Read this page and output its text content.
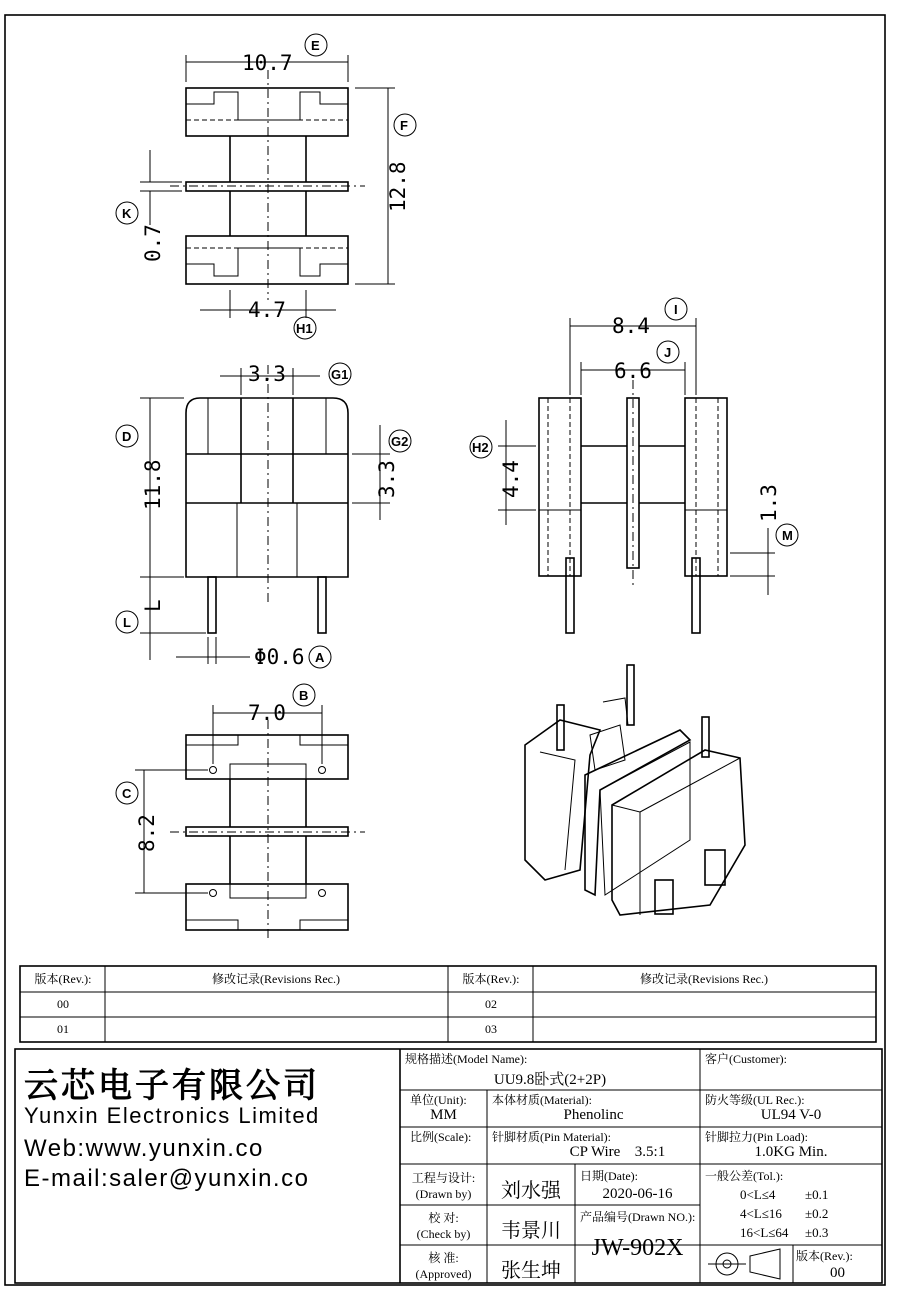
10.7
12.8
0.7
4.7
3.3
3.3
11.8
L
Φ0.6
8.4
6.6
4.4
1.3
7.0
8.2
E
F
K
H1
G1
G2
D
L
A
I
J
H2
M
B
C
版本(Rev.):	修改记录(Revisions Rec.)	版本(Rev.):	修改记录(Revisions Rec.)
00	02
01	03
云芯电子有限公司
Yunxin Electronics Limited
Web:www.yunxin.co
E-mail:saler@yunxin.co
规格描述(Model Name):
UU9.8卧式(2+2P)
客户(Customer):
单位(Unit):
MM
本体材质(Material):
Phenolinc
防火等级(UL Rec.):
UL94 V-0
比例(Scale): 针脚材质(Pin Material):
CP Wire 3.5:1
针脚拉力(Pin Load):
1.0KG Min.
工程与设计:
(Drawn by)	刘水强
日期(Date):
2020-06-16
校 对:
(Check by)	韦景川
产品编号(Drawn NO.):
JW-902X
核 准:
(Approved)	张生坤
一般公差(Tol.):
0<L≤4	±0.1
4<L≤16	±0.2
16<L≤64	±0.3
版本(Rev.):
00
